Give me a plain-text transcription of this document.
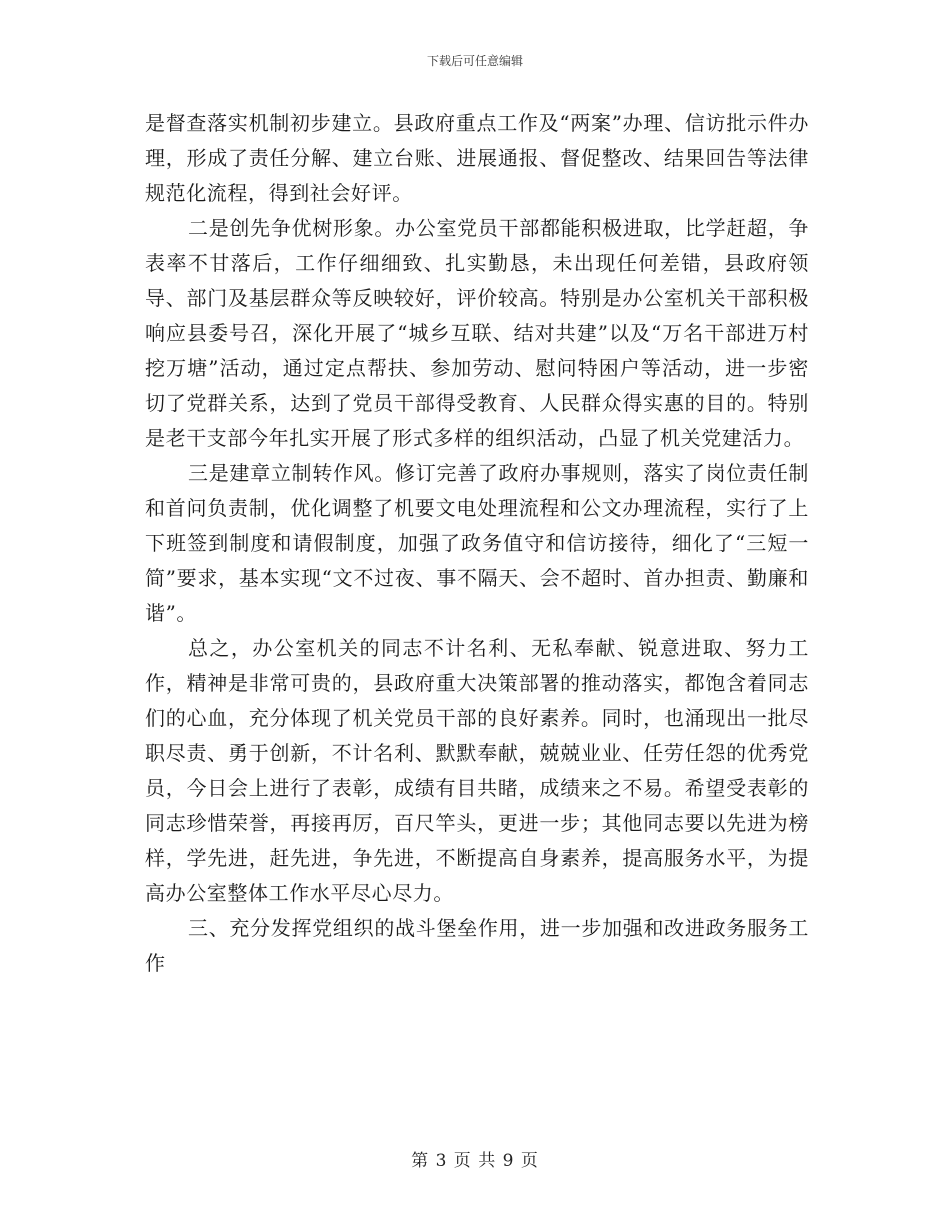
下载后可任意编辑

是督查落实机制初步建立。县政府重点工作及“两案”办理、信访批示件办理，形成了责任分解、建立台账、进展通报、督促整改、结果回告等法律规范化流程，得到社会好评。

二是创先争优树形象。办公室党员干部都能积极进取，比学赶超，争表率不甘落后，工作仔细细致、扎实勤恳，未出现任何差错，县政府领导、部门及基层群众等反映较好，评价较高。特别是办公室机关干部积极响应县委号召，深化开展了“城乡互联、结对共建”以及“万名干部进万村挖万塘”活动，通过定点帮扶、参加劳动、慰问特困户等活动，进一步密切了党群关系，达到了党员干部得受教育、人民群众得实惠的目的。特别是老干支部今年扎实开展了形式多样的组织活动，凸显了机关党建活力。

三是建章立制转作风。修订完善了政府办事规则，落实了岗位责任制和首问负责制，优化调整了机要文电处理流程和公文办理流程，实行了上下班签到制度和请假制度，加强了政务值守和信访接待，细化了“三短一简”要求，基本实现“文不过夜、事不隔天、会不超时、首办担责、勤廉和谐”。

总之，办公室机关的同志不计名利、无私奉献、锐意进取、努力工作，精神是非常可贵的，县政府重大决策部署的推动落实，都饱含着同志们的心血，充分体现了机关党员干部的良好素养。同时，也涌现出一批尽职尽责、勇于创新，不计名利、默默奉献，兢兢业业、任劳任怨的优秀党员，今日会上进行了表彰，成绩有目共睹，成绩来之不易。希望受表彰的同志珍惜荣誉，再接再厉，百尺竿头，更进一步；其他同志要以先进为榜样，学先进，赶先进，争先进，不断提高自身素养，提高服务水平，为提高办公室整体工作水平尽心尽力。

三、充分发挥党组织的战斗堡垒作用，进一步加强和改进政务服务工作

第 3 页 共 9 页
